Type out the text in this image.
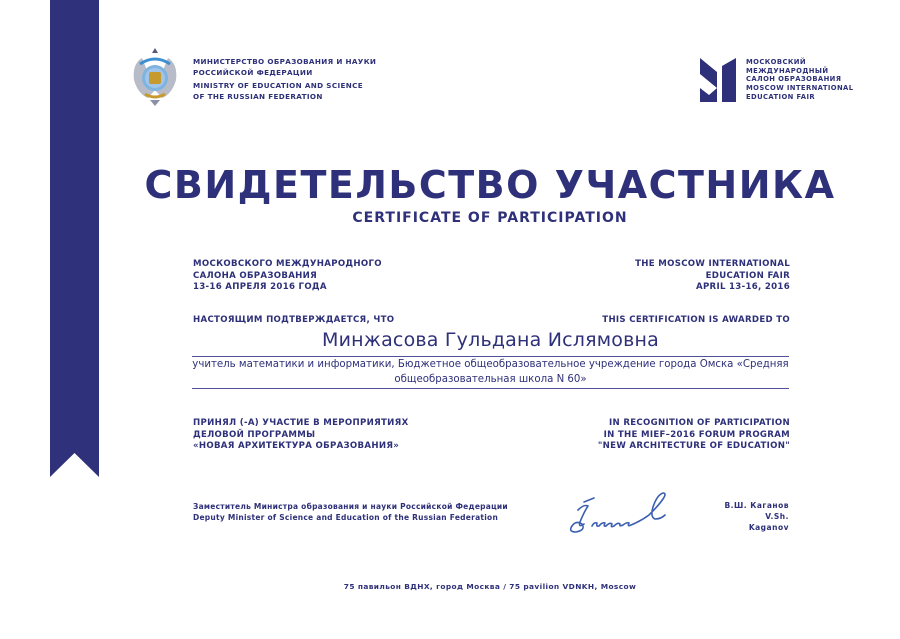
МИНИСТЕРСТВО ОБРАЗОВАНИЯ И НАУКИ
РОССИЙСКОЙ ФЕДЕРАЦИИ
MINISTRY OF EDUCATION AND SCIENCE
OF THE RUSSIAN FEDERATION
МОСКОВСКИЙ
МЕЖДУНАРОДНЫЙ
САЛОН ОБРАЗОВАНИЯ
MOSCOW INTERNATIONAL
EDUCATION FAIR
СВИДЕТЕЛЬСТВО УЧАСТНИКА
CERTIFICATE OF PARTICIPATION
МОСКОВСКОГО МЕЖДУНАРОДНОГО
САЛОНА ОБРАЗОВАНИЯ
13-16 АПРЕЛЯ 2016 ГОДА
THE MOSCOW INTERNATIONAL
EDUCATION FAIR
APRIL 13-16, 2016
НАСТОЯЩИМ ПОДТВЕРЖДАЕТСЯ, ЧТО	THIS CERTIFICATION IS AWARDED TO
Минжасова Гульдана Ислямовна
учитель математики и информатики, Бюджетное общеобразовательное учреждение города Омска «Средняя
общеобразовательная школа N 60»
ПРИНЯЛ (-А) УЧАСТИЕ В МЕРОПРИЯТИЯХ
ДЕЛОВОЙ ПРОГРАММЫ
«НОВАЯ АРХИТЕКТУРА ОБРАЗОВАНИЯ»
IN RECOGNITION OF PARTICIPATION
IN THE MIEF–2016 FORUM PROGRAM
"NEW ARCHITECTURE OF EDUCATION"
Заместитель Министра образования и науки Российской Федерации
Deputy Minister of Science and Education of the Russian Federation
В.Ш. Каганов
V.Sh. Kaganov
75 павильон ВДНХ, город Москва / 75 pavilion VDNKH, Moscow
